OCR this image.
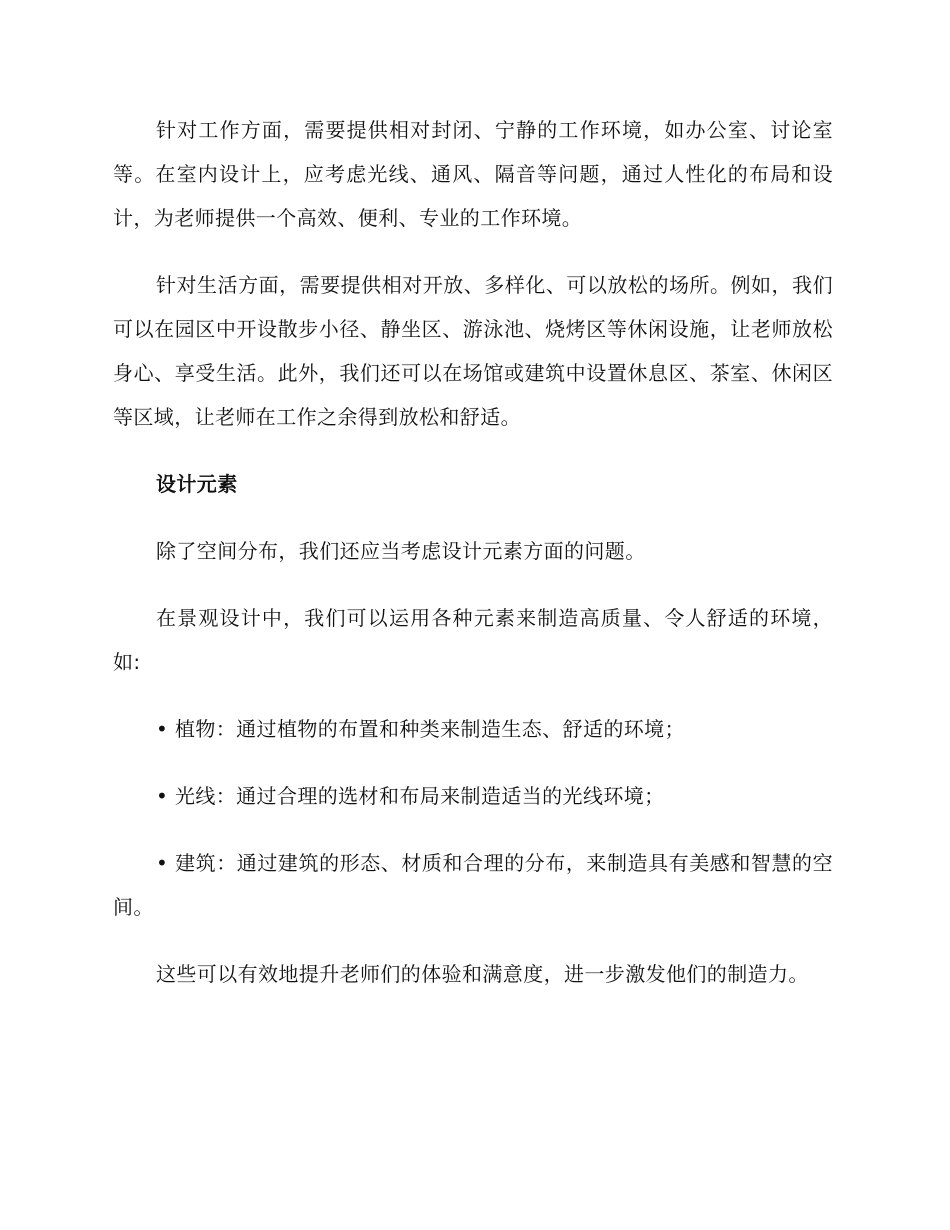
针对工作方面，需要提供相对封闭、宁静的工作环境，如办公室、讨论室等。在室内设计上，应考虑光线、通风、隔音等问题，通过人性化的布局和设计，为老师提供一个高效、便利、专业的工作环境。

针对生活方面，需要提供相对开放、多样化、可以放松的场所。例如，我们可以在园区中开设散步小径、静坐区、游泳池、烧烤区等休闲设施，让老师放松身心、享受生活。此外，我们还可以在场馆或建筑中设置休息区、茶室、休闲区等区域，让老师在工作之余得到放松和舒适。

设计元素

除了空间分布，我们还应当考虑设计元素方面的问题。

在景观设计中，我们可以运用各种元素来制造高质量、令人舒适的环境，如:

• 植物：通过植物的布置和种类来制造生态、舒适的环境；

• 光线：通过合理的选材和布局来制造适当的光线环境；

• 建筑：通过建筑的形态、材质和合理的分布，来制造具有美感和智慧的空间。

这些可以有效地提升老师们的体验和满意度，进一步激发他们的制造力。
